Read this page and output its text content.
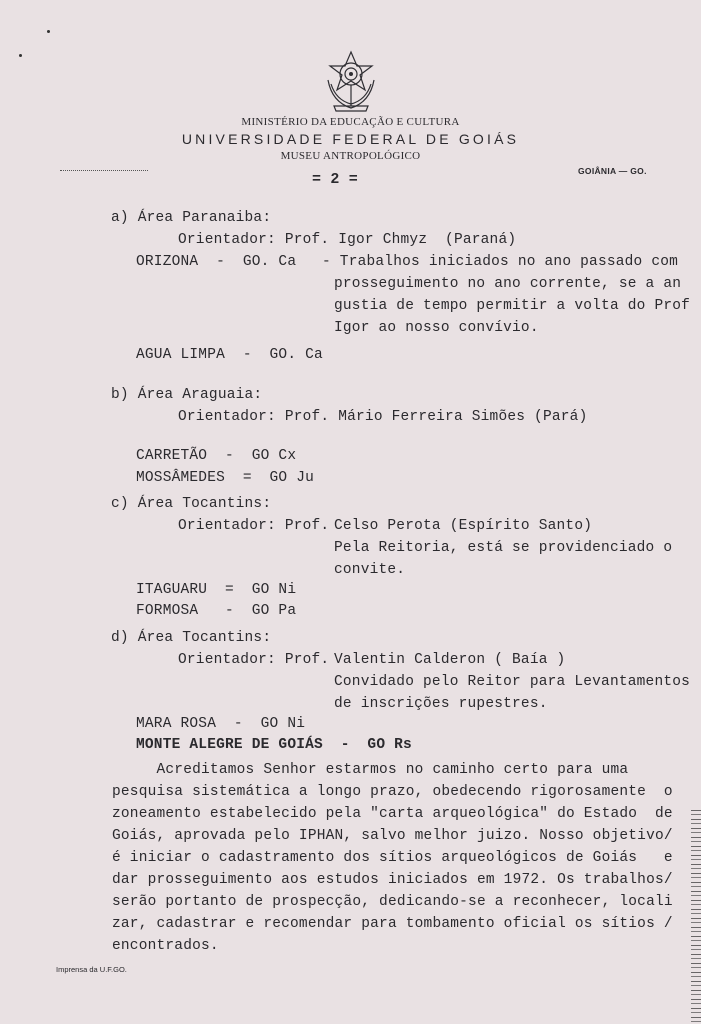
MINISTÉRIO DA EDUCAÇÃO E CULTURA
UNIVERSIDADE FEDERAL DE GOIÁS
MUSEU ANTROPOLÓGICO
= 2 =	GOIÂNIA — GO.
a) Área Paranaiba:
Orientador: Prof. Igor Chmyz  (Paraná)
ORIZONA  -  GO. Ca - Trabalhos iniciados no ano passado com
prosseguimento no ano corrente, se a an
gustia de tempo permitir a volta do Prof
Igor ao nosso convívio.
AGUA LIMPA  -  GO. Ca
b) Área Araguaia:
Orientador: Prof. Mário Ferreira Simões (Pará)
CARRETÃO  -  GO Cx
MOSSÂMEDES  =  GO Ju
c) Área Tocantins:
Orientador: Prof. Celso Perota (Espírito Santo)
Pela Reitoria, está se providenciado o
convite.
ITAGUARU  =  GO Ni
FORMOSA   -  GO Pa
d) Área Tocantins:
Orientador: Prof. Valentin Calderon ( Baía )
Convidado pelo Reitor para Levantamentos
de inscrições rupestres.
MARA ROSA  -  GO Ni
MONTE ALEGRE DE GOIÁS  -  GO Rs
Acreditamos Senhor estarmos no caminho certo para uma
pesquisa sistemática a longo prazo, obedecendo rigorosamente  o
zoneamento estabelecido pela "carta arqueológica" do Estado  de
Goiás, aprovada pelo IPHAN, salvo melhor juizo. Nosso objetivo/
é iniciar o cadastramento dos sítios arqueológicos de Goiás   e
dar prosseguimento aos estudos iniciados em 1972. Os trabalhos/
serão portanto de prospecção, dedicando-se a reconhecer, locali
zar, cadastrar e recomendar para tombamento oficial os sítios /
encontrados.
Imprensa da U.F.GO.
